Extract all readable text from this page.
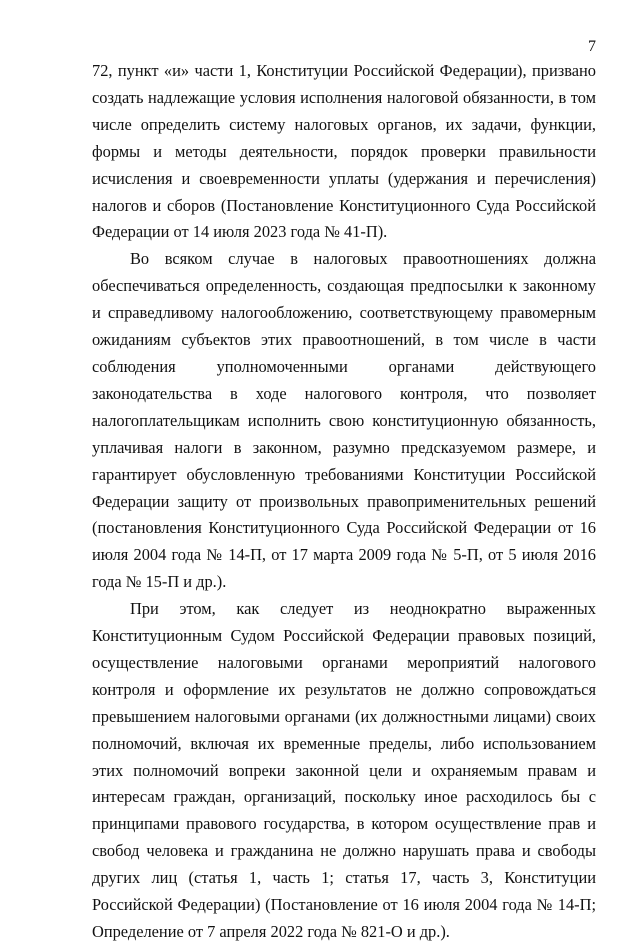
7

72, пункт «и» части 1, Конституции Российской Федерации), призвано создать надлежащие условия исполнения налоговой обязанности, в том числе определить систему налоговых органов, их задачи, функции, формы и методы деятельности, порядок проверки правильности исчисления и своевременности уплаты (удержания и перечисления) налогов и сборов (Постановление Конституционного Суда Российской Федерации от 14 июля 2023 года № 41-П).

Во всяком случае в налоговых правоотношениях должна обеспечиваться определенность, создающая предпосылки к законному и справедливому налогообложению, соответствующему правомерным ожиданиям субъектов этих правоотношений, в том числе в части соблюдения уполномоченными органами действующего законодательства в ходе налогового контроля, что позволяет налогоплательщикам исполнить свою конституционную обязанность, уплачивая налоги в законном, разумно предсказуемом размере, и гарантирует обусловленную требованиями Конституции Российской Федерации защиту от произвольных правоприменительных решений (постановления Конституционного Суда Российской Федерации от 16 июля 2004 года № 14-П, от 17 марта 2009 года № 5-П, от 5 июля 2016 года № 15-П и др.).

При этом, как следует из неоднократно выраженных Конституционным Судом Российской Федерации правовых позиций, осуществление налоговыми органами мероприятий налогового контроля и оформление их результатов не должно сопровождаться превышением налоговыми органами (их должностными лицами) своих полномочий, включая их временные пределы, либо использованием этих полномочий вопреки законной цели и охраняемым правам и интересам граждан, организаций, поскольку иное расходилось бы с принципами правового государства, в котором осуществление прав и свобод человека и гражданина не должно нарушать права и свободы других лиц (статья 1, часть 1; статья 17, часть 3, Конституции Российской Федерации) (Постановление от 16 июля 2004 года № 14-П; Определение от 7 апреля 2022 года № 821-О и др.).
